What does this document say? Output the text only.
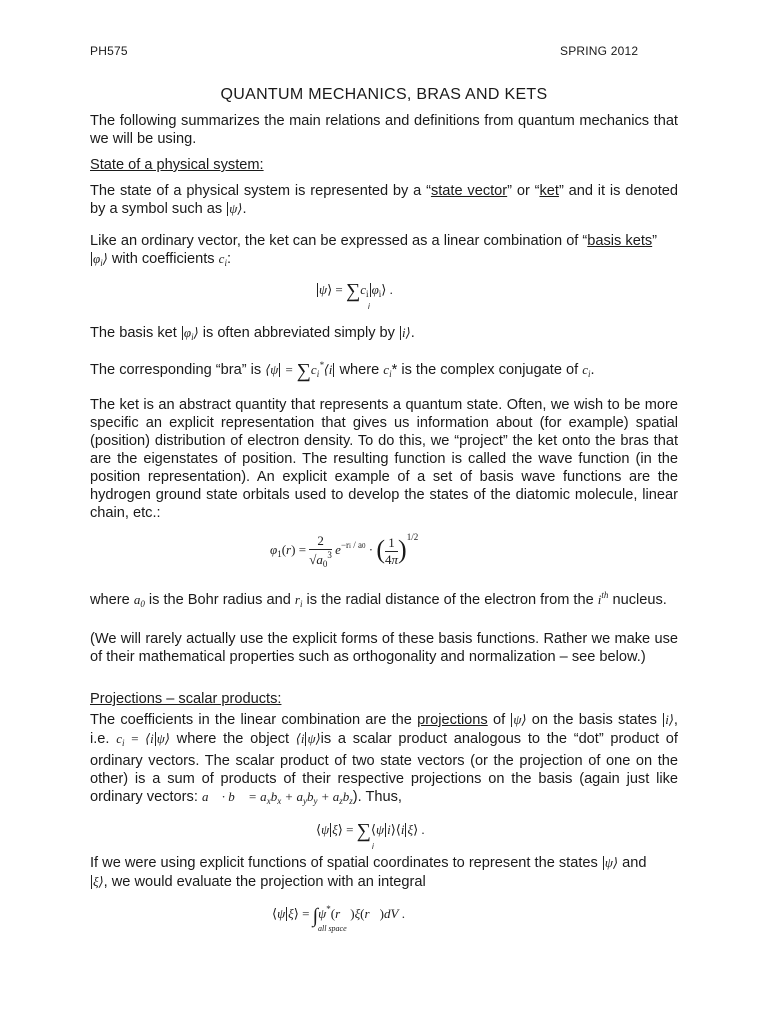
PH575	SPRING 2012
QUANTUM MECHANICS, BRAS AND KETS

The following summarizes the main relations and definitions from quantum mechanics that we will be using.

State of a physical system:

The state of a physical system is represented by a “state vector” or “ket” and it is denoted by a symbol such as ψ⟩.

Like an ordinary vector, the ket can be expressed as a linear combination of “basis kets”
$\varphi_i⟩$ with coefficients $c_i$:

ψ⟩ = $\sum c_i$ $\varphi_i⟩$ .
i

The basis ket $\varphi_i⟩$ is often abbreviated simply by i⟩.

The corresponding “bra” is ⟨ψ = $\sum c_i^*⟨i$ where $c_i*$ is the complex conjugate of $c_i$.

The ket is an abstract quantity that represents a quantum state. Often, we wish to be more specific an explicit representation that gives us information about (for example) spatial (position) distribution of electron density. To do this, we “project” the ket onto the bras that are the eigenstates of position. The resulting function is called the wave function (in the position representation). An explicit example of a set of basis wave functions are the hydrogen ground state orbitals used to develop the states of the diatomic molecule, linear chain, etc.:

$\varphi_1(r) = \frac{2}{√a_0^3} e^{-ri / a0}$ · ( $\frac{1}{4\pi} )^{1/2}$

where $a_0$ is the Bohr radius and $r_i$ is the radial distance of the electron from the $i^{th}$ nucleus.

(We will rarely actually use the explicit forms of these basis functions. Rather we make use of their mathematical properties such as orthogonality and normalization – see below.)

Projections – scalar products:

The coefficients in the linear combination are the projections of ψ⟩ on the basis states i⟩, i.e. $c_i$ = ⟨i ψ⟩ where the object ⟨i ψ⟩is a scalar product analogous to the “dot” product of ordinary vectors. The scalar product of two state vectors (or the projection of one on the other) is a sum of products of their respective projections on the basis (again just like ordinary vectors: a⃗ · b⃗ = $a_xb_x + a_yb_y + a_zb_z$). Thus,

⟨ψ ξ⟩ = ∑⟨ψ i⟩⟨i ξ⟩ .
i

If we were using explicit functions of spatial coordinates to represent the states ψ⟩ and
ξ⟩, we would evaluate the projection with an integral

⟨ψ ξ⟩ = ∫ψ*(r⃗)ξ(r⃗)dV .
all space
